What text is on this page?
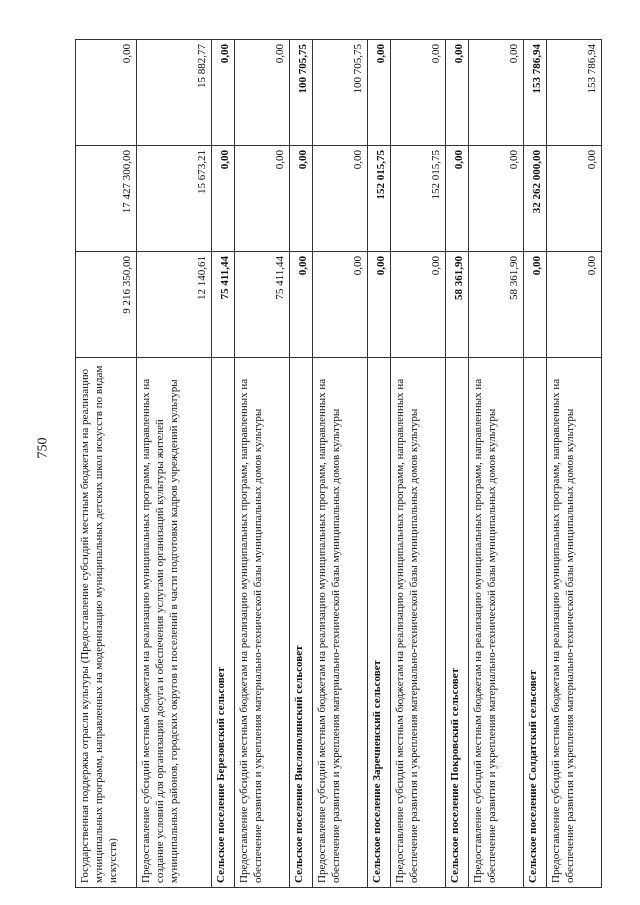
750	Государственная поддержка отрасли культуры (Предоставление субсидий местным бюджетам на реализацию муниципальных программ, направленных на модернизацию муниципальных детских школ искусств по видам искусств)	9 216 350,00	17 427 300,00	0,00
Предоставление субсидий местным бюджетам на реализацию муниципальных программ, направленных на создание условий для организации досуга и обеспечения услугами организаций культуры жителей муниципальных районов, городских округов и поселений в части подготовки кадров учреждений культуры	12 140,61	15 673,21	15 882,77
Сельское поселение Березовский сельсовет	75 411,44	0,00	0,00
Предоставление субсидий местным бюджетам на реализацию муниципальных программ, направленных на обеспечение развития и укрепления материально-технической базы муниципальных домов культуры	75 411,44	0,00	0,00
Сельское поселение Вислополянский сельсовет	0,00	0,00	100 705,75
Предоставление субсидий местным бюджетам на реализацию муниципальных программ, направленных на обеспечение развития и укрепления материально-технической базы муниципальных домов культуры	0,00	0,00	100 705,75
Сельское поселение Заречненский сельсовет	0,00	152 015,75	0,00
Предоставление субсидий местным бюджетам на реализацию муниципальных программ, направленных на обеспечение развития и укрепления материально-технической базы муниципальных домов культуры	0,00	152 015,75	0,00
Сельское поселение Покровский сельсовет	58 361,90	0,00	0,00
Предоставление субсидий местным бюджетам на реализацию муниципальных программ, направленных на обеспечение развития и укрепления материально-технической базы муниципальных домов культуры	58 361,90	0,00	0,00
Сельское поселение Солдатский сельсовет	0,00	32 262 000,00	153 786,94
Предоставление субсидий местным бюджетам на реализацию муниципальных программ, направленных на обеспечение развития и укрепления материально-технической базы муниципальных домов культуры	0,00	0,00	153 786,94
